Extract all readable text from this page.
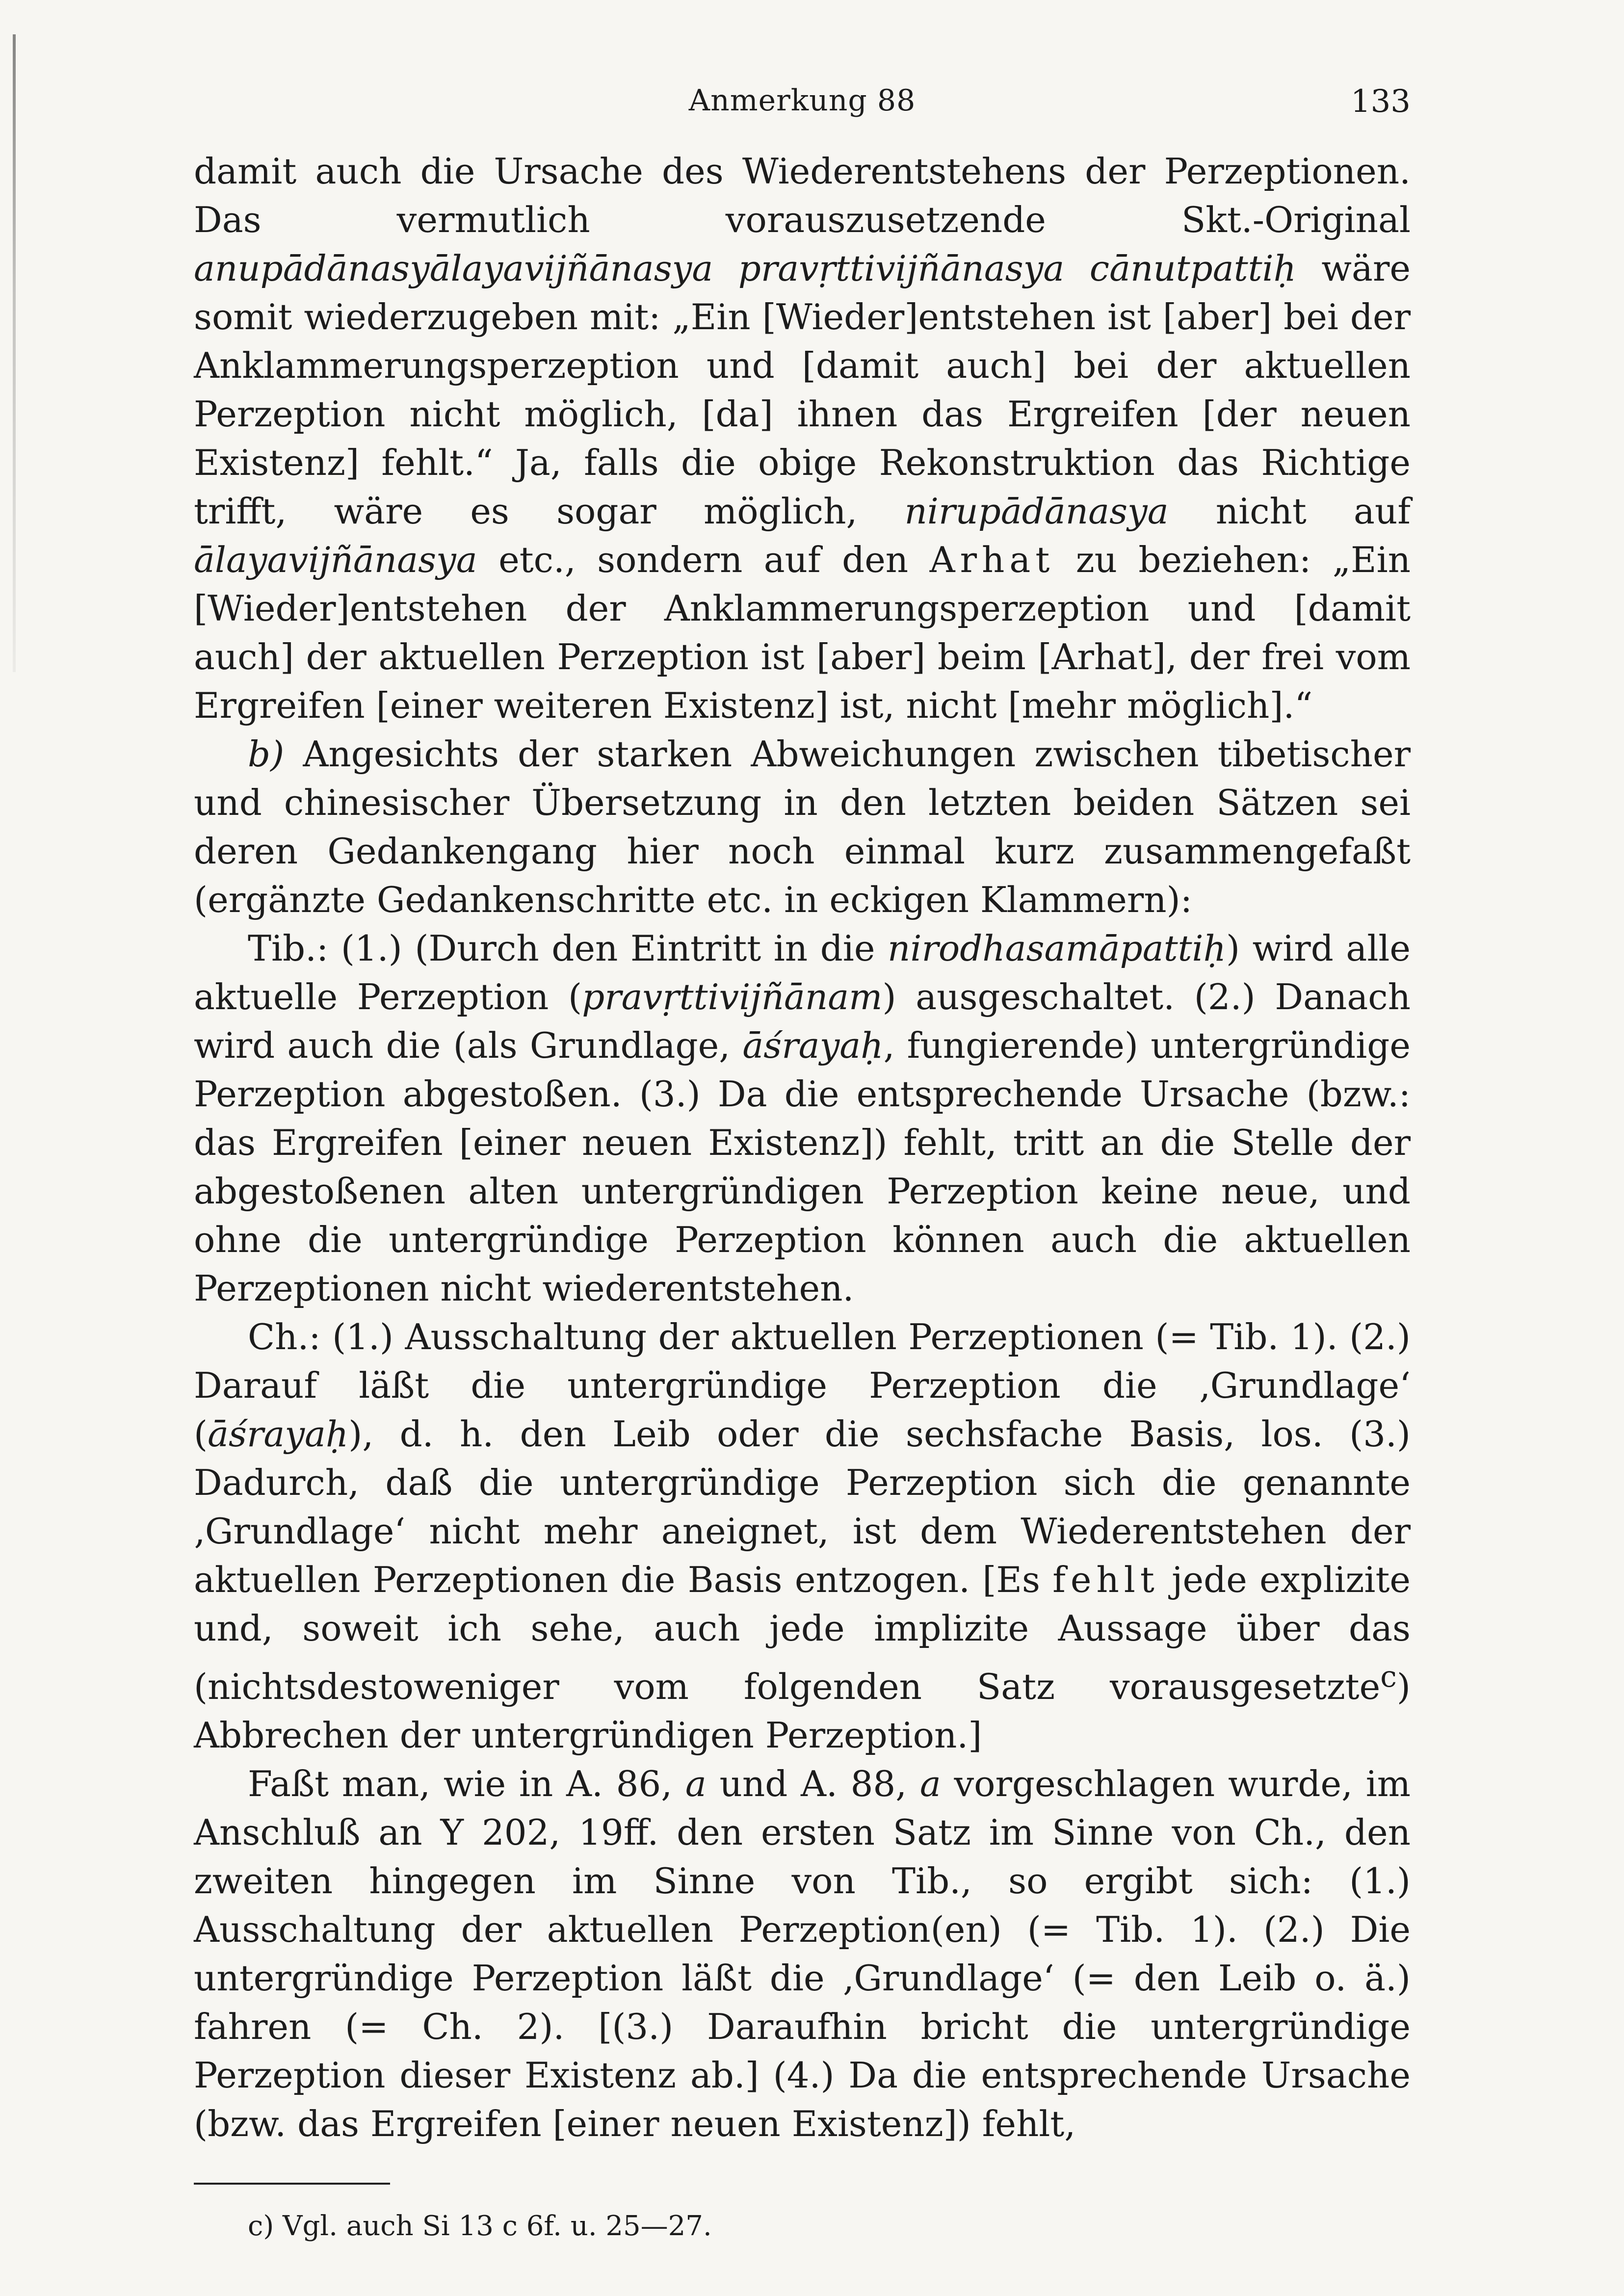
Anmerkung 88	133

damit auch die Ursache des Wiederentstehens der Perzeptionen. Das vermutlich vorauszusetzende Skt.-Original anupādānasyālayavijñānasya pravṛttivijñānasya cānutpattiḥ wäre somit wiederzugeben mit: „Ein [Wieder]entstehen ist [aber] bei der Anklammerungsperzeption und [damit auch] bei der aktuellen Perzeption nicht möglich, [da] ihnen das Ergreifen [der neuen Existenz] fehlt.“ Ja, falls die obige Rekonstruktion das Richtige trifft, wäre es sogar möglich, nirupādānasya nicht auf ālayavijñānasya etc., sondern auf den Arhat zu beziehen: „Ein [Wieder]entstehen der Anklammerungsperzeption und [damit auch] der aktuellen Perzeption ist [aber] beim [Arhat], der frei vom Ergreifen [einer weiteren Existenz] ist, nicht [mehr möglich].“

b) Angesichts der starken Abweichungen zwischen tibetischer und chinesischer Übersetzung in den letzten beiden Sätzen sei deren Gedankengang hier noch einmal kurz zusammengefaßt (ergänzte Gedankenschritte etc. in eckigen Klammern):

Tib.: (1.) (Durch den Eintritt in die nirodhasamāpattiḥ) wird alle aktuelle Perzeption (pravṛttivijñānam) ausgeschaltet. (2.) Danach wird auch die (als Grundlage, āśrayaḥ, fungierende) untergründige Perzeption abgestoßen. (3.) Da die entsprechende Ursache (bzw.: das Ergreifen [einer neuen Existenz]) fehlt, tritt an die Stelle der abgestoßenen alten untergründigen Perzeption keine neue, und ohne die untergründige Perzeption können auch die aktuellen Perzeptionen nicht wiederentstehen.

Ch.: (1.) Ausschaltung der aktuellen Perzeptionen (= Tib. 1). (2.) Darauf läßt die untergründige Perzeption die ‚Grundlage‘ (āśrayaḥ), d. h. den Leib oder die sechsfache Basis, los. (3.) Dadurch, daß die untergründige Perzeption sich die genannte ‚Grundlage‘ nicht mehr aneignet, ist dem Wiederentstehen der aktuellen Perzeptionen die Basis entzogen. [Es fehlt jede explizite und, soweit ich sehe, auch jede implizite Aussage über das (nichtsdestoweniger vom folgenden Satz vorausgesetzte$^c$) Abbrechen der untergründigen Perzeption.]

Faßt man, wie in A. 86, a und A. 88, a vorgeschlagen wurde, im Anschluß an Y 202, 19ff. den ersten Satz im Sinne von Ch., den zweiten hingegen im Sinne von Tib., so ergibt sich: (1.) Ausschaltung der aktuellen Perzeption(en) (= Tib. 1). (2.) Die untergründige Perzeption läßt die ‚Grundlage‘ (= den Leib o. ä.) fahren (= Ch. 2). [(3.) Daraufhin bricht die untergründige Perzeption dieser Existenz ab.] (4.) Da die entsprechende Ursache (bzw. das Ergreifen [einer neuen Existenz]) fehlt,

c) Vgl. auch Si 13 c 6f. u. 25—27.
